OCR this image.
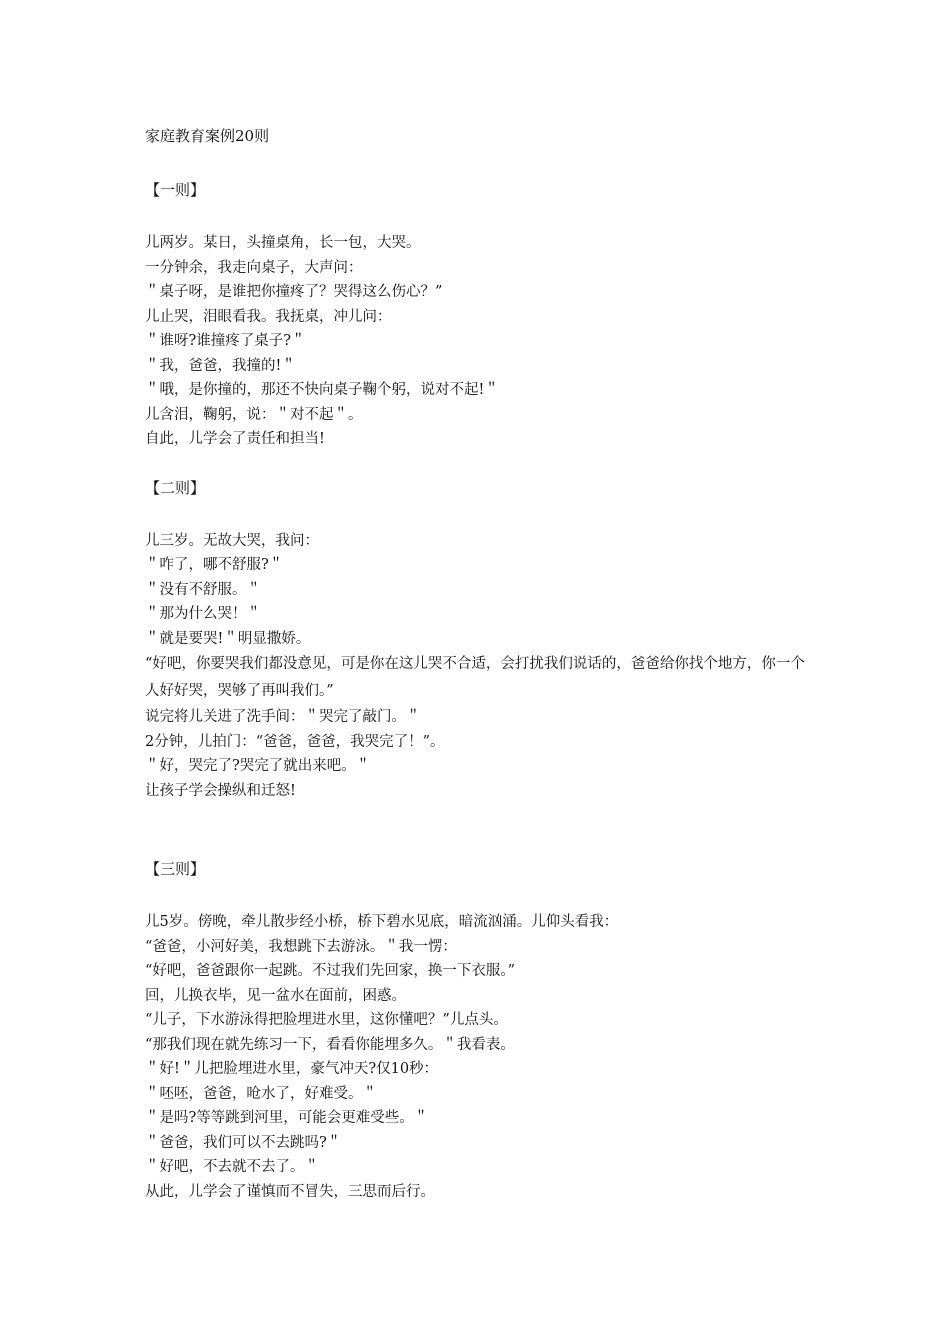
家庭教育案例20则
【一则】

儿两岁。某日，头撞桌角，长一包，大哭。

一分钟余，我走向桌子，大声问：

＂桌子呀，是谁把你撞疼了？哭得这么伤心？”

儿止哭，泪眼看我。我抚桌，冲儿问：

＂谁呀?谁撞疼了桌子?＂

＂我，爸爸，我撞的!＂

＂哦，是你撞的，那还不快向桌子鞠个躬，说对不起!＂

儿含泪，鞠躬，说：＂对不起＂。

自此，儿学会了责任和担当!

【二则】

儿三岁。无故大哭，我问：

＂咋了，哪不舒服?＂

＂没有不舒服。＂

＂那为什么哭！＂

＂就是要哭!＂明显撒娇。

“好吧，你要哭我们都没意见，可是你在这儿哭不合适，会打扰我们说话的，爸爸给你找个地方，你一个人好好哭，哭够了再叫我们。”

说完将儿关进了洗手间：＂哭完了敲门。＂

2分钟，儿拍门：“爸爸，爸爸，我哭完了！”。

＂好，哭完了?哭完了就出来吧。＂

让孩子学会操纵和迁怒!

【三则】

儿5岁。傍晚，牵儿散步经小桥，桥下碧水见底，暗流汹涌。儿仰头看我：

“爸爸，小河好美，我想跳下去游泳。＂我一愣：

“好吧，爸爸跟你一起跳。不过我们先回家，换一下衣服。”

回，儿换衣毕，见一盆水在面前，困惑。

“儿子，下水游泳得把脸埋进水里，这你懂吧？”儿点头。

“那我们现在就先练习一下，看看你能埋多久。＂我看表。

＂好!＂儿把脸埋进水里，豪气冲天?仅10秒：

＂呸呸，爸爸，呛水了，好难受。＂

＂是吗?等等跳到河里，可能会更难受些。＂

＂爸爸，我们可以不去跳吗?＂

＂好吧，不去就不去了。＂

从此，儿学会了谨慎而不冒失，三思而后行。
